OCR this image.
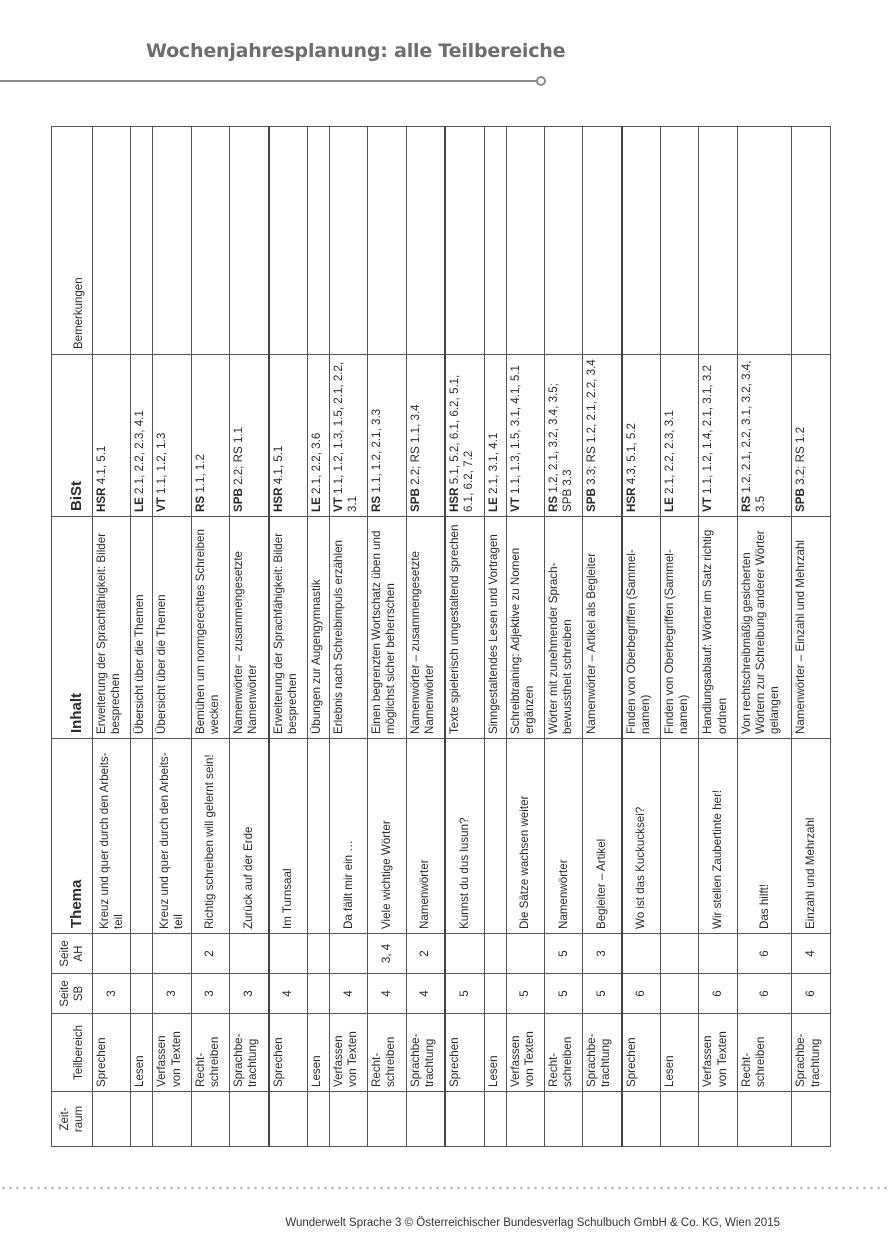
Wochenjahresplanung: alle Teilbereiche
Zeit-
raum	Teilbereich	Seite SB	Seite AH	Thema	Inhalt	BiSt	Bemerkungen
	Sprechen	3		Kreuz und quer durch den Arbeits-teil	Erweiterung der Sprachfähigkeit: Bilder besprechen	HSR 4.1, 5.1	
	Lesen				Übersicht über die Themen	LE 2.1, 2.2, 2.3, 4.1	
	Verfassen von Texten	3		Kreuz und quer durch den Arbeits-teil	Übersicht über die Themen	VT 1.1, 1.2, 1.3	
	Recht-schreiben	3	2	Richtig schreiben will gelernt sein!	Bemühen um normgerechtes Schreiben wecken	RS 1.1, 1.2	
	Sprachbe-trachtung	3		Zurück auf der Erde	Namenwörter – zusammengesetzte Namenwörter	SPB 2.2; RS 1.1	
	Sprechen	4		Im Turnsaal	Erweiterung der Sprachfähigkeit: Bilder besprechen	HSR 4.1, 5.1	
	Lesen				Übungen zur Augengymnastik	LE 2.1, 2.2, 3.6	
	Verfassen von Texten	4		Da fällt mir ein …	Erlebnis nach Schreibimpuls erzählen	VT 1.1, 1.2, 1.3, 1.5, 2.1, 2.2, 3.1	
	Recht-schreiben	4	3, 4	Viele wichtige Wörter	Einen begrenzten Wortschatz üben und möglichst sicher beherrschen	RS 1.1, 1.2, 2.1, 3.3	
	Sprachbe-trachtung	4	2	Namenwörter	Namenwörter – zusammengesetzte Namenwörter	SPB 2.2; RS 1.1, 3.4	
	Sprechen	5		Kunnst du dus lusun?	Texte spielerisch umgestaltend sprechen	HSR 5.1, 5.2, 6.1, 6.2, 5.1, 6.1, 6.2, 7.2	
	Lesen				Sinngestaltendes Lesen und Vortragen	LE 2.1, 3.1, 4.1	
	Verfassen von Texten	5		Die Sätze wachsen weiter	Schreibtraining: Adjektive zu Nomen ergänzen	VT 1.1, 1.3, 1.5, 3.1, 4.1, 5.1	
	Recht-schreiben	5	5	Namenwörter	Wörter mit zunehmender Sprach-bewusstheit schreiben	RS 1.2, 2.1, 3.2, 3.4, 3.5; SPB 3.3	
	Sprachbe-trachtung	5	3	Begleiter – Artikel	Namenwörter – Artikel als Begleiter	SPB 3.3; RS 1.2, 2.1, 2.2, 3.4	
	Sprechen	6		Wo ist das Kuckucksei?	Finden von Oberbegriffen (Sammel-namen)	HSR 4.3, 5.1, 5.2	
	Lesen				Finden von Oberbegriffen (Sammel-namen)	LE 2.1, 2.2, 2.3, 3.1	
	Verfassen von Texten	6		Wir stellen Zaubertinte her!	Handlungsablauf: Wörter im Satz richtig ordnen	VT 1.1, 1.2, 1.4, 2.1, 3.1, 3.2	
	Recht-schreiben	6	6	Das hilft!	Von rechtschreibmäßig gesicherten Wörtern zur Schreibung anderer Wörter gelangen	RS 1.2, 2.1, 2.2, 3.1, 3.2, 3.4, 3.5	
	Sprachbe-trachtung	6	4	Einzahl und Mehrzahl	Namenwörter – Einzahl und Mehrzahl	SPB 3.2; RS 1.2	
Wunderwelt Sprache 3 © Österreichischer Bundesverlag Schulbuch GmbH & Co. KG, Wien 2015
